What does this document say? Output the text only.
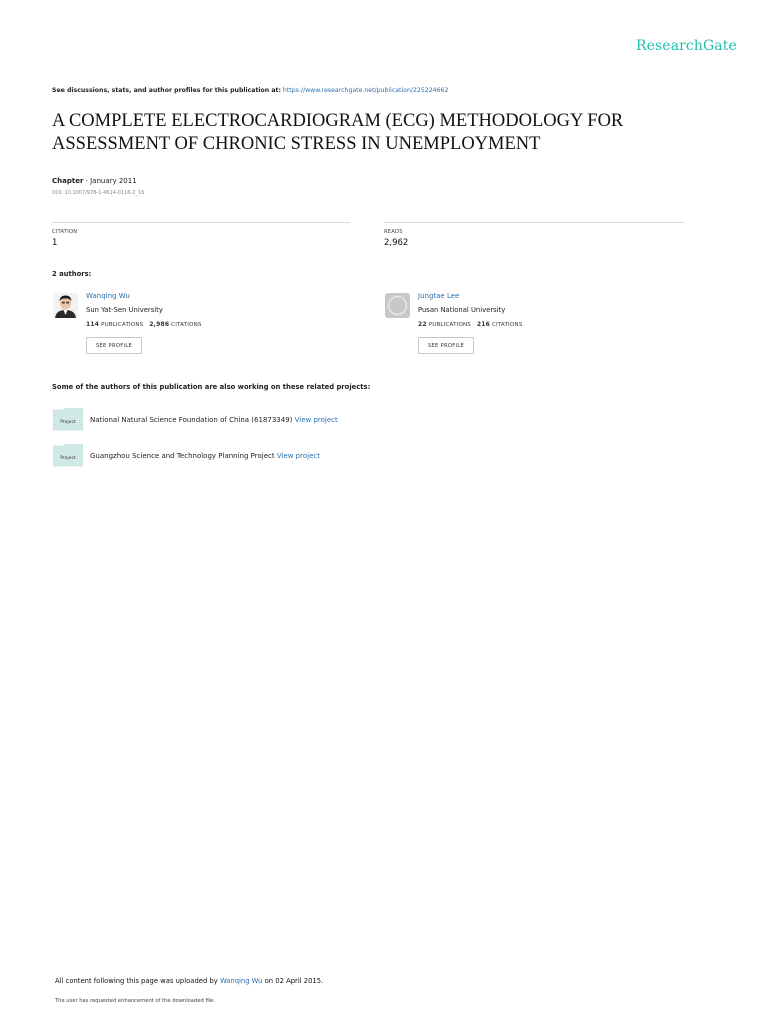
ResearchGate
See discussions, stats, and author profiles for this publication at: https://www.researchgate.net/publication/225224662
A COMPLETE ELECTROCARDIOGRAM (ECG) METHODOLOGY FOR ASSESSMENT OF CHRONIC STRESS IN UNEMPLOYMENT
Chapter · January 2011
DOI: 10.1007/978-1-4614-0116-2_16
CITATION
1
READS
2,962
2 authors:
Wanqing Wu
Sun Yat-Sen University
114 PUBLICATIONS 2,986 CITATIONS
SEE PROFILE
Jungtae Lee
Pusan National University
22 PUBLICATIONS 216 CITATIONS
SEE PROFILE
Some of the authors of this publication are also working on these related projects:
Project National Natural Science Foundation of China (61873349) View project
Project Guangzhou Science and Technology Planning Project View project
All content following this page was uploaded by Wanqing Wu on 02 April 2015.
The user has requested enhancement of the downloaded file.
